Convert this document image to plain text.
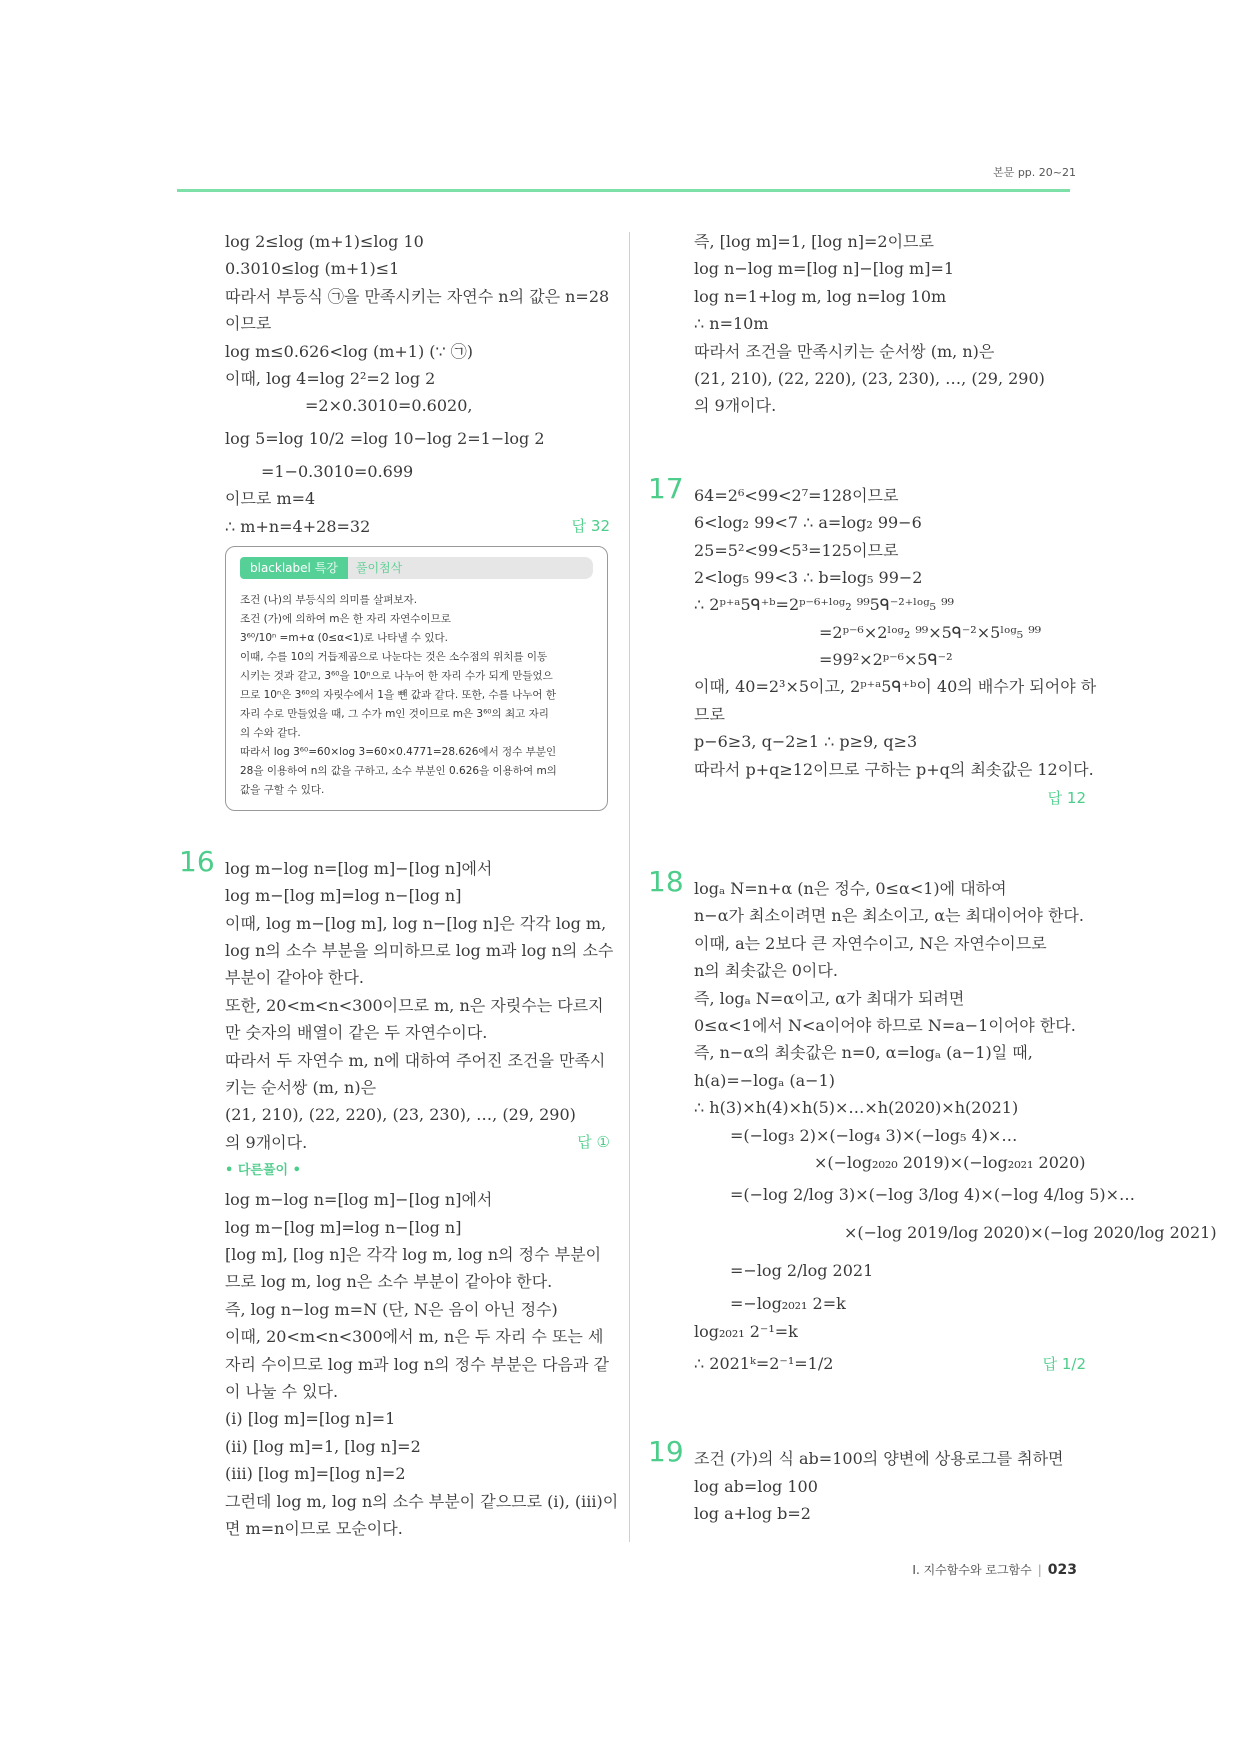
본문 pp. 20~21
log 2≤log (m+1)≤log 10
0.3010≤log (m+1)≤1
따라서 부등식 ㉠을 만족시키는 자연수 n의 값은 n=28
이므로
log m≤0.626<log (m+1) (∵ ㉠)
이때, log 4=log 2²=2 log 2
=2×0.3010=0.6020,
log 5=log 10/2 =log 10−log 2=1−log 2
=1−0.3010=0.699
이므로 m=4
∴ m+n=4+28=32	답 32
blacklabel 특강	풀이첨삭
조건 (나)의 부등식의 의미를 살펴보자.
조건 (가)에 의하여 m은 한 자리 자연수이므로
3⁶⁰/10ⁿ =m+α (0≤α<1)로 나타낼 수 있다.
이때, 수를 10의 거듭제곱으로 나눈다는 것은 소수점의 위치를 이동
시키는 것과 같고, 3⁶⁰을 10ⁿ으로 나누어 한 자리 수가 되게 만들었으
므로 10ⁿ은 3⁶⁰의 자릿수에서 1을 뺀 값과 같다. 또한, 수를 나누어 한
자리 수로 만들었을 때, 그 수가 m인 것이므로 m은 3⁶⁰의 최고 자리
의 수와 같다.
따라서 log 3⁶⁰=60×log 3=60×0.4771=28.626에서 정수 부분인
28을 이용하여 n의 값을 구하고, 소수 부분인 0.626을 이용하여 m의
값을 구할 수 있다.
16 log m−log n=[log m]−[log n]에서
log m−[log m]=log n−[log n]
이때, log m−[log m], log n−[log n]은 각각 log m,
log n의 소수 부분을 의미하므로 log m과 log n의 소수
부분이 같아야 한다.
또한, 20<m<n<300이므로 m, n은 자릿수는 다르지
만 숫자의 배열이 같은 두 자연수이다.
따라서 두 자연수 m, n에 대하여 주어진 조건을 만족시
키는 순서쌍 (m, n)은
(21, 210), (22, 220), (23, 230), …, (29, 290)
의 9개이다.	답 ①
• 다른풀이 •
log m−log n=[log m]−[log n]에서
log m−[log m]=log n−[log n]
[log m], [log n]은 각각 log m, log n의 정수 부분이
므로 log m, log n은 소수 부분이 같아야 한다.
즉, log n−log m=N (단, N은 음이 아닌 정수)
이때, 20<m<n<300에서 m, n은 두 자리 수 또는 세
자리 수이므로 log m과 log n의 정수 부분은 다음과 같
이 나눌 수 있다.
(i) [log m]=[log n]=1
(ii) [log m]=1, [log n]=2
(iii) [log m]=[log n]=2
그런데 log m, log n의 소수 부분이 같으므로 (i), (iii)이
면 m=n이므로 모순이다.
즉, [log m]=1, [log n]=2이므로
log n−log m=[log n]−[log m]=1
log n=1+log m, log n=log 10m
∴ n=10m
따라서 조건을 만족시키는 순서쌍 (m, n)은
(21, 210), (22, 220), (23, 230), …, (29, 290)
의 9개이다.
17 64=2⁶<99<2⁷=128이므로
6<log₂ 99<7 ∴ a=log₂ 99−6
25=5²<99<5³=125이므로
2<log₅ 99<3 ∴ b=log₅ 99−2
∴ 2ᵖ⁺ᵃ5ᑫ⁺ᵇ=2ᵖ⁻⁶⁺ˡᵒᵍ₂ ⁹⁹5ᑫ⁻²⁺ˡᵒᵍ₅ ⁹⁹
=2ᵖ⁻⁶×2ˡᵒᵍ₂ ⁹⁹×5ᑫ⁻²×5ˡᵒᵍ₅ ⁹⁹
=99²×2ᵖ⁻⁶×5ᑫ⁻²
이때, 40=2³×5이고, 2ᵖ⁺ᵃ5ᑫ⁺ᵇ이 40의 배수가 되어야 하
므로
p−6≥3, q−2≥1 ∴ p≥9, q≥3
따라서 p+q≥12이므로 구하는 p+q의 최솟값은 12이다.
답 12
18 logₐ N=n+α (n은 정수, 0≤α<1)에 대하여
n−α가 최소이려면 n은 최소이고, α는 최대이어야 한다.
이때, a는 2보다 큰 자연수이고, N은 자연수이므로
n의 최솟값은 0이다.
즉, logₐ N=α이고, α가 최대가 되려면
0≤α<1에서 N<a이어야 하므로 N=a−1이어야 한다.
즉, n−α의 최솟값은 n=0, α=logₐ (a−1)일 때,
h(a)=−logₐ (a−1)
∴ h(3)×h(4)×h(5)×…×h(2020)×h(2021)
=(−log₃ 2)×(−log₄ 3)×(−log₅ 4)×…
×(−log₂₀₂₀ 2019)×(−log₂₀₂₁ 2020)
=(−log 2/log 3)×(−log 3/log 4)×(−log 4/log 5)×…
×(−log 2019/log 2020)×(−log 2020/log 2021)
=−log 2/log 2021
=−log₂₀₂₁ 2=k
log₂₀₂₁ 2⁻¹=k
∴ 2021ᵏ=2⁻¹=1/2	답 1/2
19 조건 (가)의 식 ab=100의 양변에 상용로그를 취하면
log ab=log 100
log a+log b=2
Ⅰ. 지수함수와 로그함수 | 023
